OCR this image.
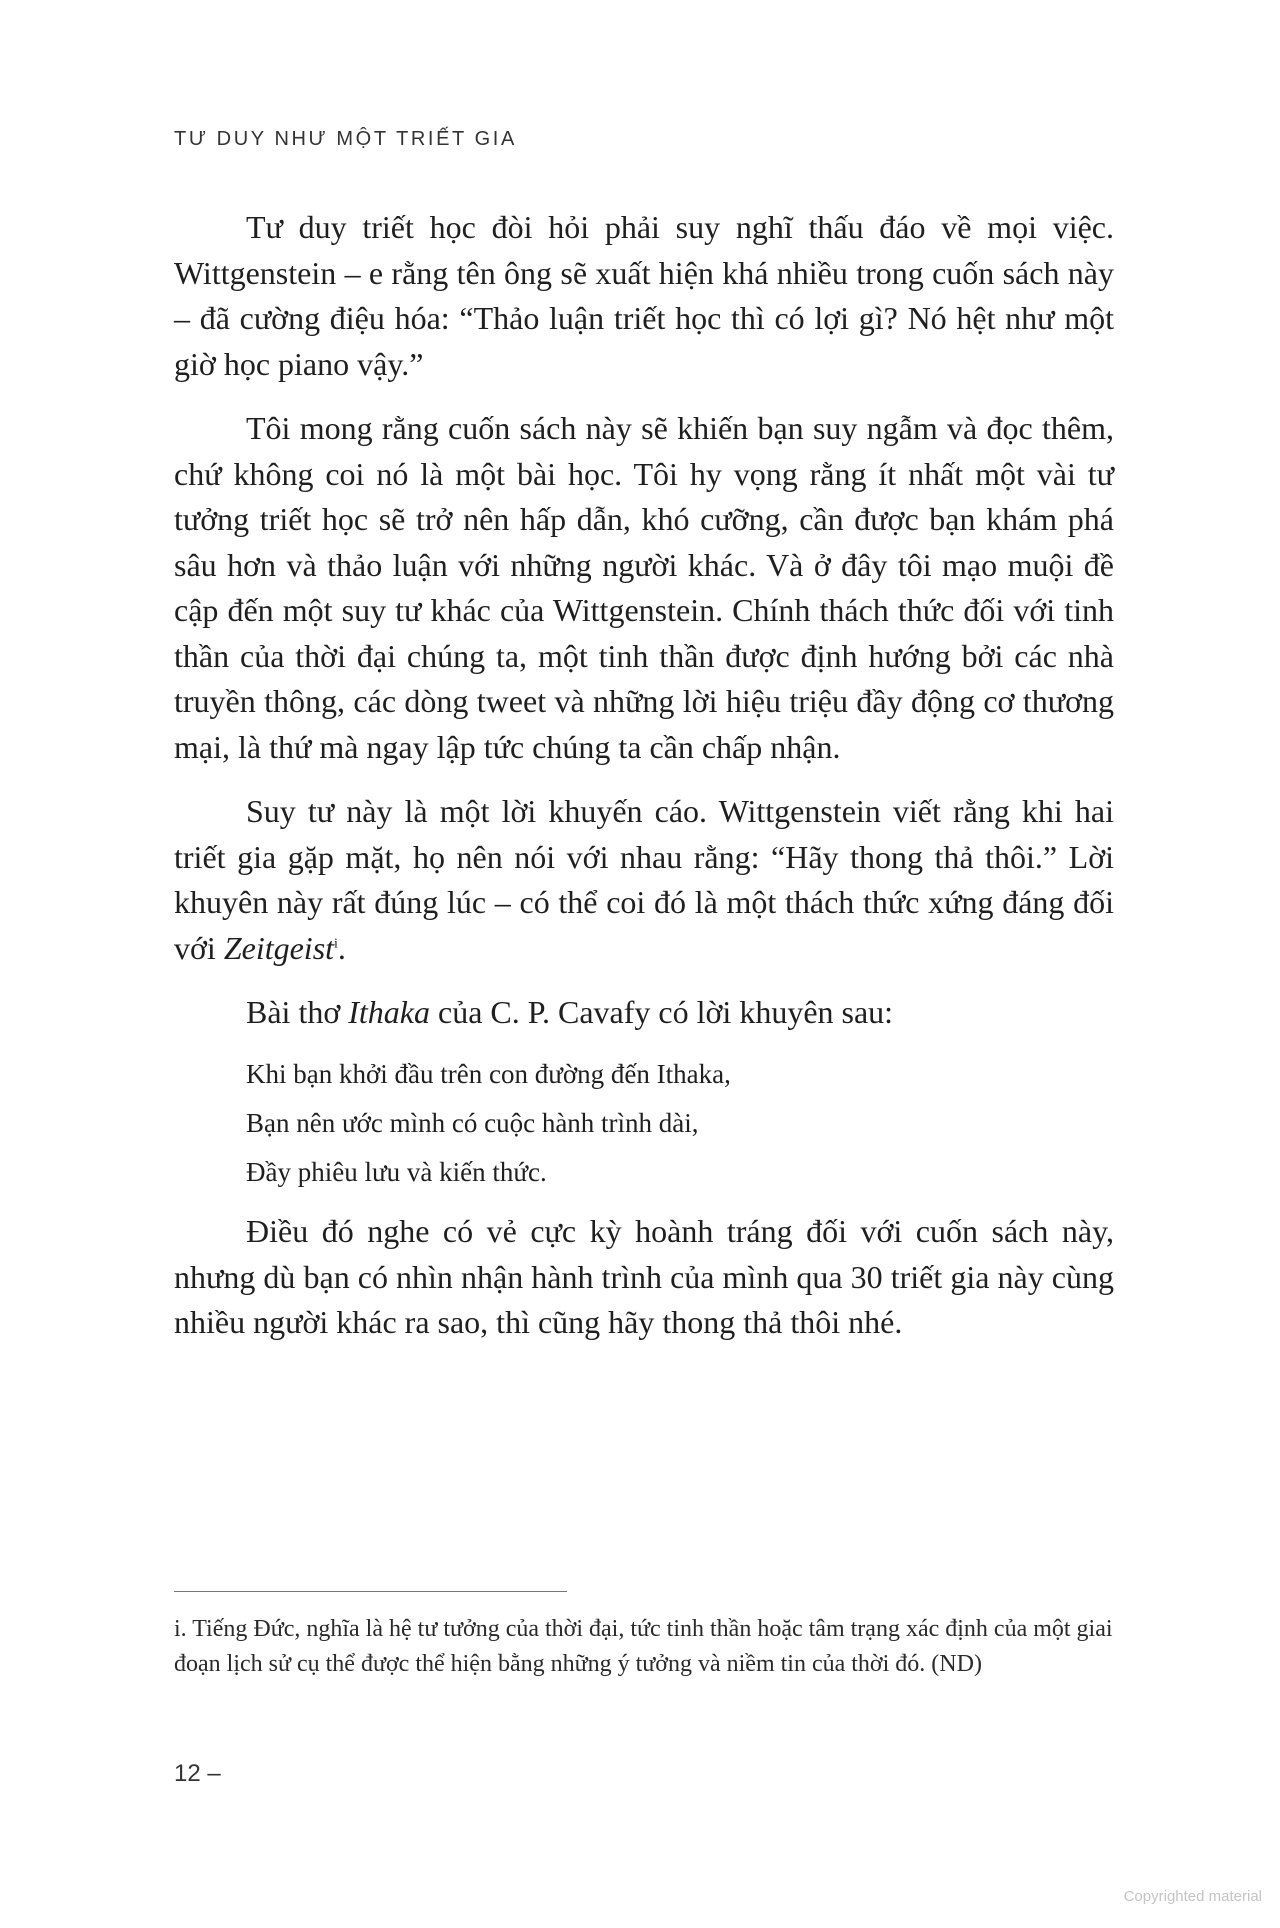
TƯ DUY NHƯ MỘT TRIẾT GIA

Tư duy triết học đòi hỏi phải suy nghĩ thấu đáo về mọi việc. Wittgenstein – e rằng tên ông sẽ xuất hiện khá nhiều trong cuốn sách này – đã cường điệu hóa: “Thảo luận triết học thì có lợi gì? Nó hệt như một giờ học piano vậy.”

Tôi mong rằng cuốn sách này sẽ khiến bạn suy ngẫm và đọc thêm, chứ không coi nó là một bài học. Tôi hy vọng rằng ít nhất một vài tư tưởng triết học sẽ trở nên hấp dẫn, khó cưỡng, cần được bạn khám phá sâu hơn và thảo luận với những người khác. Và ở đây tôi mạo muội đề cập đến một suy tư khác của Wittgenstein. Chính thách thức đối với tinh thần của thời đại chúng ta, một tinh thần được định hướng bởi các nhà truyền thông, các dòng tweet và những lời hiệu triệu đầy động cơ thương mại, là thứ mà ngay lập tức chúng ta cần chấp nhận.

Suy tư này là một lời khuyến cáo. Wittgenstein viết rằng khi hai triết gia gặp mặt, họ nên nói với nhau rằng: “Hãy thong thả thôi.” Lời khuyên này rất đúng lúc – có thể coi đó là một thách thức xứng đáng đối với Zeitgeist$^i$.

Bài thơ Ithaka của C. P. Cavafy có lời khuyên sau:

Khi bạn khởi đầu trên con đường đến Ithaka,
Bạn nên ước mình có cuộc hành trình dài,
Đầy phiêu lưu và kiến thức.

Điều đó nghe có vẻ cực kỳ hoành tráng đối với cuốn sách này, nhưng dù bạn có nhìn nhận hành trình của mình qua 30 triết gia này cùng nhiều người khác ra sao, thì cũng hãy thong thả thôi nhé.

i. Tiếng Đức, nghĩa là hệ tư tưởng của thời đại, tức tinh thần hoặc tâm trạng xác định của một giai đoạn lịch sử cụ thể được thể hiện bằng những ý tưởng và niềm tin của thời đó. (ND)

12 –
Copyrighted material
